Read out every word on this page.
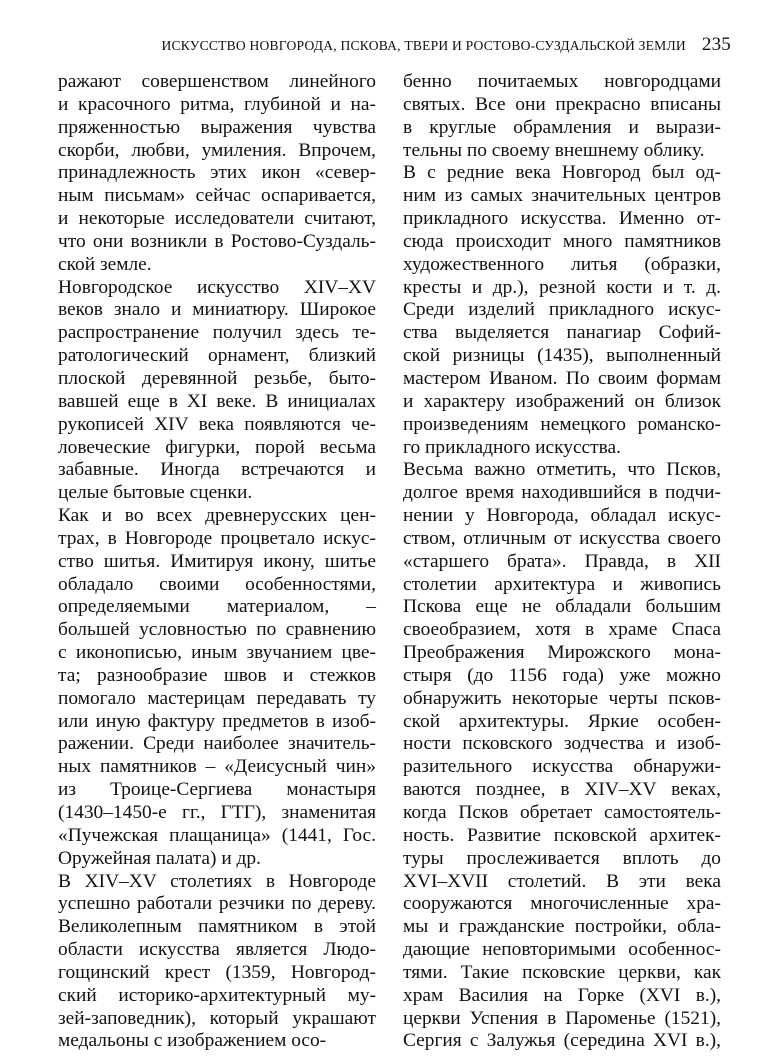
ИСКУССТВО НОВГОРОДА, ПСКОВА, ТВЕРИ И РОСТОВО-СУЗДАЛЬСКОЙ ЗЕМЛИ 235
ражают совершенством линейного
и красочного ритма, глубиной и на-
пряженностью выражения чувства
скорби, любви, умиления. Впрочем,
принадлежность этих икон «север-
ным письмам» сейчас оспаривается,
и некоторые исследователи считают,
что они возникли в Ростово-Суздаль-
ской земле.
Новгородское искусство XIV–XV
веков знало и миниатюру. Широкое
распространение получил здесь те-
ратологический орнамент, близкий
плоской деревянной резьбе, быто-
вавшей еще в XI веке. В инициалах
рукописей XIV века появляются че-
ловеческие фигурки, порой весьма
забавные. Иногда встречаются и
целые бытовые сценки.
Как и во всех древнерусских цен-
трах, в Новгороде процветало искус-
ство шитья. Имитируя икону, шитье
обладало своими особенностями,
определяемыми материалом, –
большей условностью по сравнению
с иконописью, иным звучанием цве-
та; разнообразие швов и стежков
помогало мастерицам передавать ту
или иную фактуру предметов в изоб-
ражении. Среди наиболее значитель-
ных памятников – «Деисусный чин»
из Троице-Сергиева монастыря
(1430–1450-е гг., ГТГ), знаменитая
«Пучежская плащаница» (1441, Гос.
Оружейная палата) и др.
В XIV–XV столетиях в Новгороде
успешно работали резчики по дереву.
Великолепным памятником в этой
области искусства является Людо-
гощинский крест (1359, Новгород-
ский историко-архитектурный му-
зей-заповедник), который украшают
медальоны с изображением осо-
бенно почитаемых новгородцами
святых. Все они прекрасно вписаны
в круглые обрамления и вырази-
тельны по своему внешнему облику.
В с редние века Новгород был од-
ним из самых значительных центров
прикладного искусства. Именно от-
сюда происходит много памятников
художественного литья (образки,
кресты и др.), резной кости и т. д.
Среди изделий прикладного искус-
ства выделяется панагиар Софий-
ской ризницы (1435), выполненный
мастером Иваном. По своим формам
и характеру изображений он близок
произведениям немецкого романско-
го прикладного искусства.
Весьма важно отметить, что Псков,
долгое время находившийся в подчи-
нении у Новгорода, обладал искус-
ством, отличным от искусства своего
«старшего брата». Правда, в XII
столетии архитектура и живопись
Пскова еще не обладали большим
своеобразием, хотя в храме Спаса
Преображения Мирожского мона-
стыря (до 1156 года) уже можно
обнаружить некоторые черты псков-
ской архитектуры. Яркие особен-
ности псковского зодчества и изоб-
разительного искусства обнаружи-
ваются позднее, в XIV–XV веках,
когда Псков обретает самостоятель-
ность. Развитие псковской архитек-
туры прослеживается вплоть до
XVI–XVII столетий. В эти века
сооружаются многочисленные хра-
мы и гражданские постройки, обла-
дающие неповторимыми особеннос-
тями. Такие псковские церкви, как
храм Василия на Горке (XVI в.),
церкви Успения в Пароменье (1521),
Сергия с Залужья (середина XVI в.),
